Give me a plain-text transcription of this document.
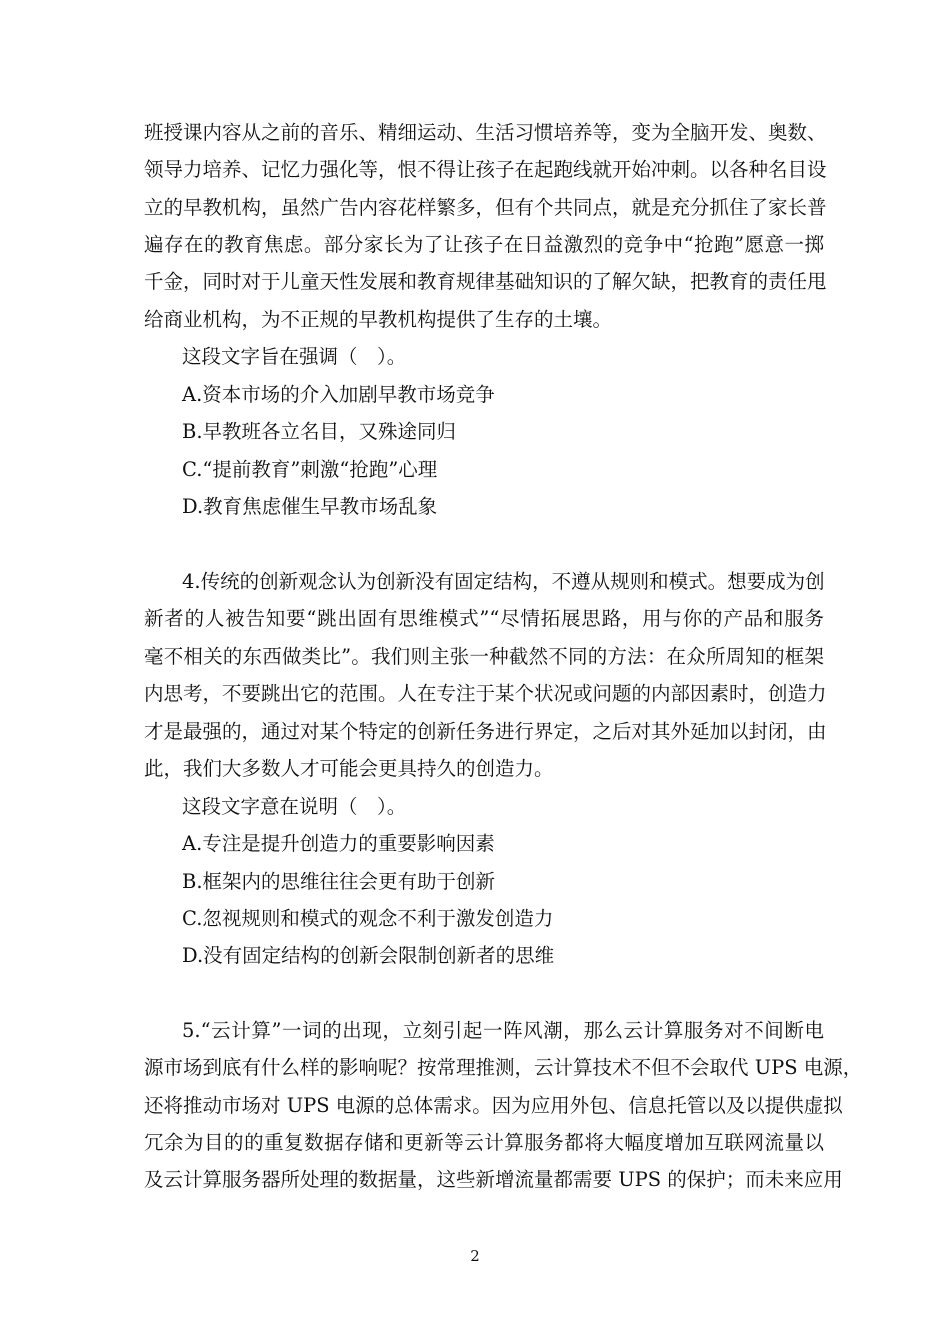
班授课内容从之前的音乐、精细运动、生活习惯培养等，变为全脑开发、奥数、
领导力培养、记忆力强化等，恨不得让孩子在起跑线就开始冲刺。以各种名目设
立的早教机构，虽然广告内容花样繁多，但有个共同点，就是充分抓住了家长普
遍存在的教育焦虑。部分家长为了让孩子在日益激烈的竞争中“抢跑”愿意一掷
千金，同时对于儿童天性发展和教育规律基础知识的了解欠缺，把教育的责任甩
给商业机构，为不正规的早教机构提供了生存的土壤。
这段文字旨在强调（　）。
A.资本市场的介入加剧早教市场竞争
B.早教班各立名目，又殊途同归
C.“提前教育”刺激“抢跑”心理
D.教育焦虑催生早教市场乱象
4.传统的创新观念认为创新没有固定结构，不遵从规则和模式。想要成为创
新者的人被告知要“跳出固有思维模式”“尽情拓展思路，用与你的产品和服务
毫不相关的东西做类比”。我们则主张一种截然不同的方法：在众所周知的框架
内思考，不要跳出它的范围。人在专注于某个状况或问题的内部因素时，创造力
才是最强的，通过对某个特定的创新任务进行界定，之后对其外延加以封闭，由
此，我们大多数人才可能会更具持久的创造力。
这段文字意在说明（　）。
A.专注是提升创造力的重要影响因素
B.框架内的思维往往会更有助于创新
C.忽视规则和模式的观念不利于激发创造力
D.没有固定结构的创新会限制创新者的思维
5.“云计算”一词的出现，立刻引起一阵风潮，那么云计算服务对不间断电
源市场到底有什么样的影响呢？按常理推测，云计算技术不但不会取代 UPS 电源，
还将推动市场对 UPS 电源的总体需求。因为应用外包、信息托管以及以提供虚拟
冗余为目的的重复数据存储和更新等云计算服务都将大幅度增加互联网流量以
及云计算服务器所处理的数据量，这些新增流量都需要 UPS 的保护；而未来应用
2
